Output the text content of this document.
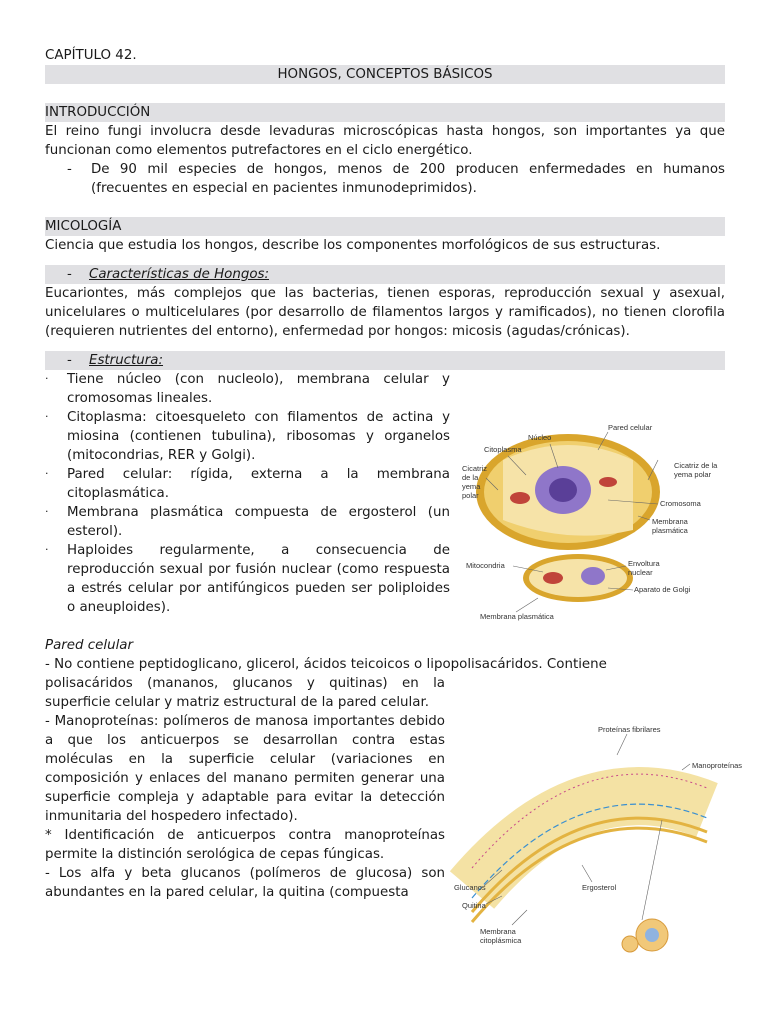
CAPÍTULO 42.

HONGOS, CONCEPTOS BÁSICOS

INTRODUCCIÓN

El reino fungi involucra desde levaduras microscópicas hasta hongos, son importantes ya que funcionan como elementos putrefactores en el ciclo energético.

- De 90 mil especies de hongos, menos de 200 producen enfermedades en humanos (frecuentes en especial en pacientes inmunodeprimidos).

MICOLOGÍA

Ciencia que estudia los hongos, describe los componentes morfológicos de sus estructuras.

- Características de Hongos:

Eucariontes, más complejos que las bacterias, tienen esporas, reproducción sexual y asexual, unicelulares o multicelulares (por desarrollo de filamentos largos y ramificados), no tienen clorofila (requieren nutrientes del entorno), enfermedad por hongos: micosis (agudas/crónicas).

- Estructura:

. Tiene núcleo (con nucleolo), membrana celular y cromosomas lineales.
. Citoplasma: citoesqueleto con filamentos de actina y miosina (contienen tubulina), ribosomas y organelos (mitocondrias, RER y Golgi).
. Pared celular: rígida, externa a la membrana citoplasmática.
. Membrana plasmática compuesta de ergosterol (un esterol).
. Haploides regularmente, a consecuencia de reproducción sexual por fusión nuclear (como respuesta a estrés celular por antifúngicos pueden ser poliploides o aneuploides).

Pared celular

- No contiene peptidoglicano, glicerol, ácidos teicoicos o lipopolisacáridos. Contiene

polisacáridos (mananos, glucanos y quitinas) en la superficie celular y matriz estructural de la pared celular.

- Manoproteínas: polímeros de manosa importantes debido a que los anticuerpos se desarrollan contra estas moléculas en la superficie celular (variaciones en composición y enlaces del manano permiten generar una superficie compleja y adaptable para evitar la detección inmunitaria del hospedero infectado).

* Identificación de anticuerpos contra manoproteínas permite la distinción serológica de cepas fúngicas.

- Los alfa y beta glucanos (polímeros de glucosa) son abundantes en la pared celular, la quitina (compuesta

Pared celular
Núcleo
Citoplasma
Cicatriz
de la
yema
polar
Cicatriz de la
yema polar
Cromosoma
Membrana
plasmática
Mitocondria	Envoltura
nuclear
Aparato de Golgi
Membrana plasmática
Proteínas fibrilares
Manoproteínas
Glucanos
Quitina
Ergosterol
Membrana
citoplásmica
